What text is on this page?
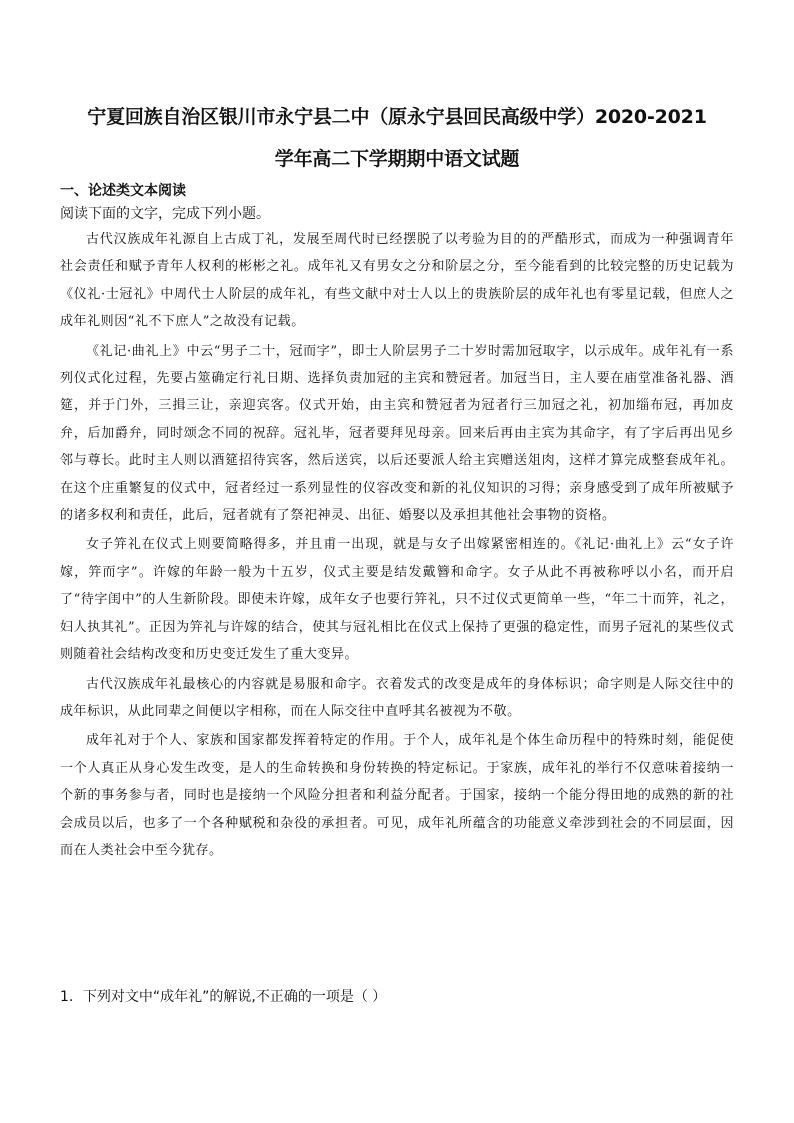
宁夏回族自治区银川市永宁县二中（原永宁县回民高级中学）2020-2021
学年高二下学期期中语文试题
一、论述类文本阅读
阅读下面的文字，完成下列小题。

古代汉族成年礼源自上古成丁礼，发展至周代时已经摆脱了以考验为目的的严酷形式，而成为一种强调青年社会责任和赋予青年人权利的彬彬之礼。成年礼又有男女之分和阶层之分，至今能看到的比较完整的历史记载为《仪礼·士冠礼》中周代士人阶层的成年礼，有些文献中对士人以上的贵族阶层的成年礼也有零星记载，但庶人之成年礼则因“礼不下庶人”之故没有记载。

《礼记·曲礼上》中云“男子二十，冠而字”，即士人阶层男子二十岁时需加冠取字，以示成年。成年礼有一系列仪式化过程，先要占筮确定行礼日期、选择负责加冠的主宾和赞冠者。加冠当日，主人要在庙堂准备礼器、酒筵，并于门外，三揖三让，亲迎宾客。仪式开始，由主宾和赞冠者为冠者行三加冠之礼，初加缁布冠，再加皮弁，后加爵弁，同时颂念不同的祝辞。冠礼毕，冠者要拜见母亲。回来后再由主宾为其命字，有了字后再出见乡邻与尊长。此时主人则以酒筵招待宾客，然后送宾，以后还要派人给主宾赠送俎肉，这样才算完成整套成年礼。在这个庄重繁复的仪式中，冠者经过一系列显性的仪容改变和新的礼仪知识的习得；亲身感受到了成年所被赋予的诸多权利和责任，此后，冠者就有了祭祀神灵、出征、婚娶以及承担其他社会事物的资格。

女子笄礼在仪式上则要简略得多，并且甫一出现，就是与女子出嫁紧密相连的。《礼记·曲礼上》云“女子许嫁，笄而字”。许嫁的年龄一般为十五岁，仪式主要是结发戴簪和命字。女子从此不再被称呼以小名，而开启了“待字闺中”的人生新阶段。即使未许嫁，成年女子也要行笄礼，只不过仪式更简单一些，“年二十而笄，礼之，妇人执其礼”。正因为笄礼与许嫁的结合，使其与冠礼相比在仪式上保持了更强的稳定性，而男子冠礼的某些仪式则随着社会结构改变和历史变迁发生了重大变异。

古代汉族成年礼最核心的内容就是易服和命字。衣着发式的改变是成年的身体标识；命字则是人际交往中的成年标识，从此同辈之间便以字相称，而在人际交往中直呼其名被视为不敬。

成年礼对于个人、家族和国家都发挥着特定的作用。于个人，成年礼是个体生命历程中的特殊时刻，能促使一个人真正从身心发生改变，是人的生命转换和身份转换的特定标记。于家族，成年礼的举行不仅意味着接纳一个新的事务参与者，同时也是接纳一个风险分担者和利益分配者。于国家，接纳一个能分得田地的成熟的新的社会成员以后，也多了一个各种赋税和杂役的承担者。可见，成年礼所蕴含的功能意义牵涉到社会的不同层面，因而在人类社会中至今犹存。

1．下列对文中“成年礼”的解说,不正确的一项是（ ）
